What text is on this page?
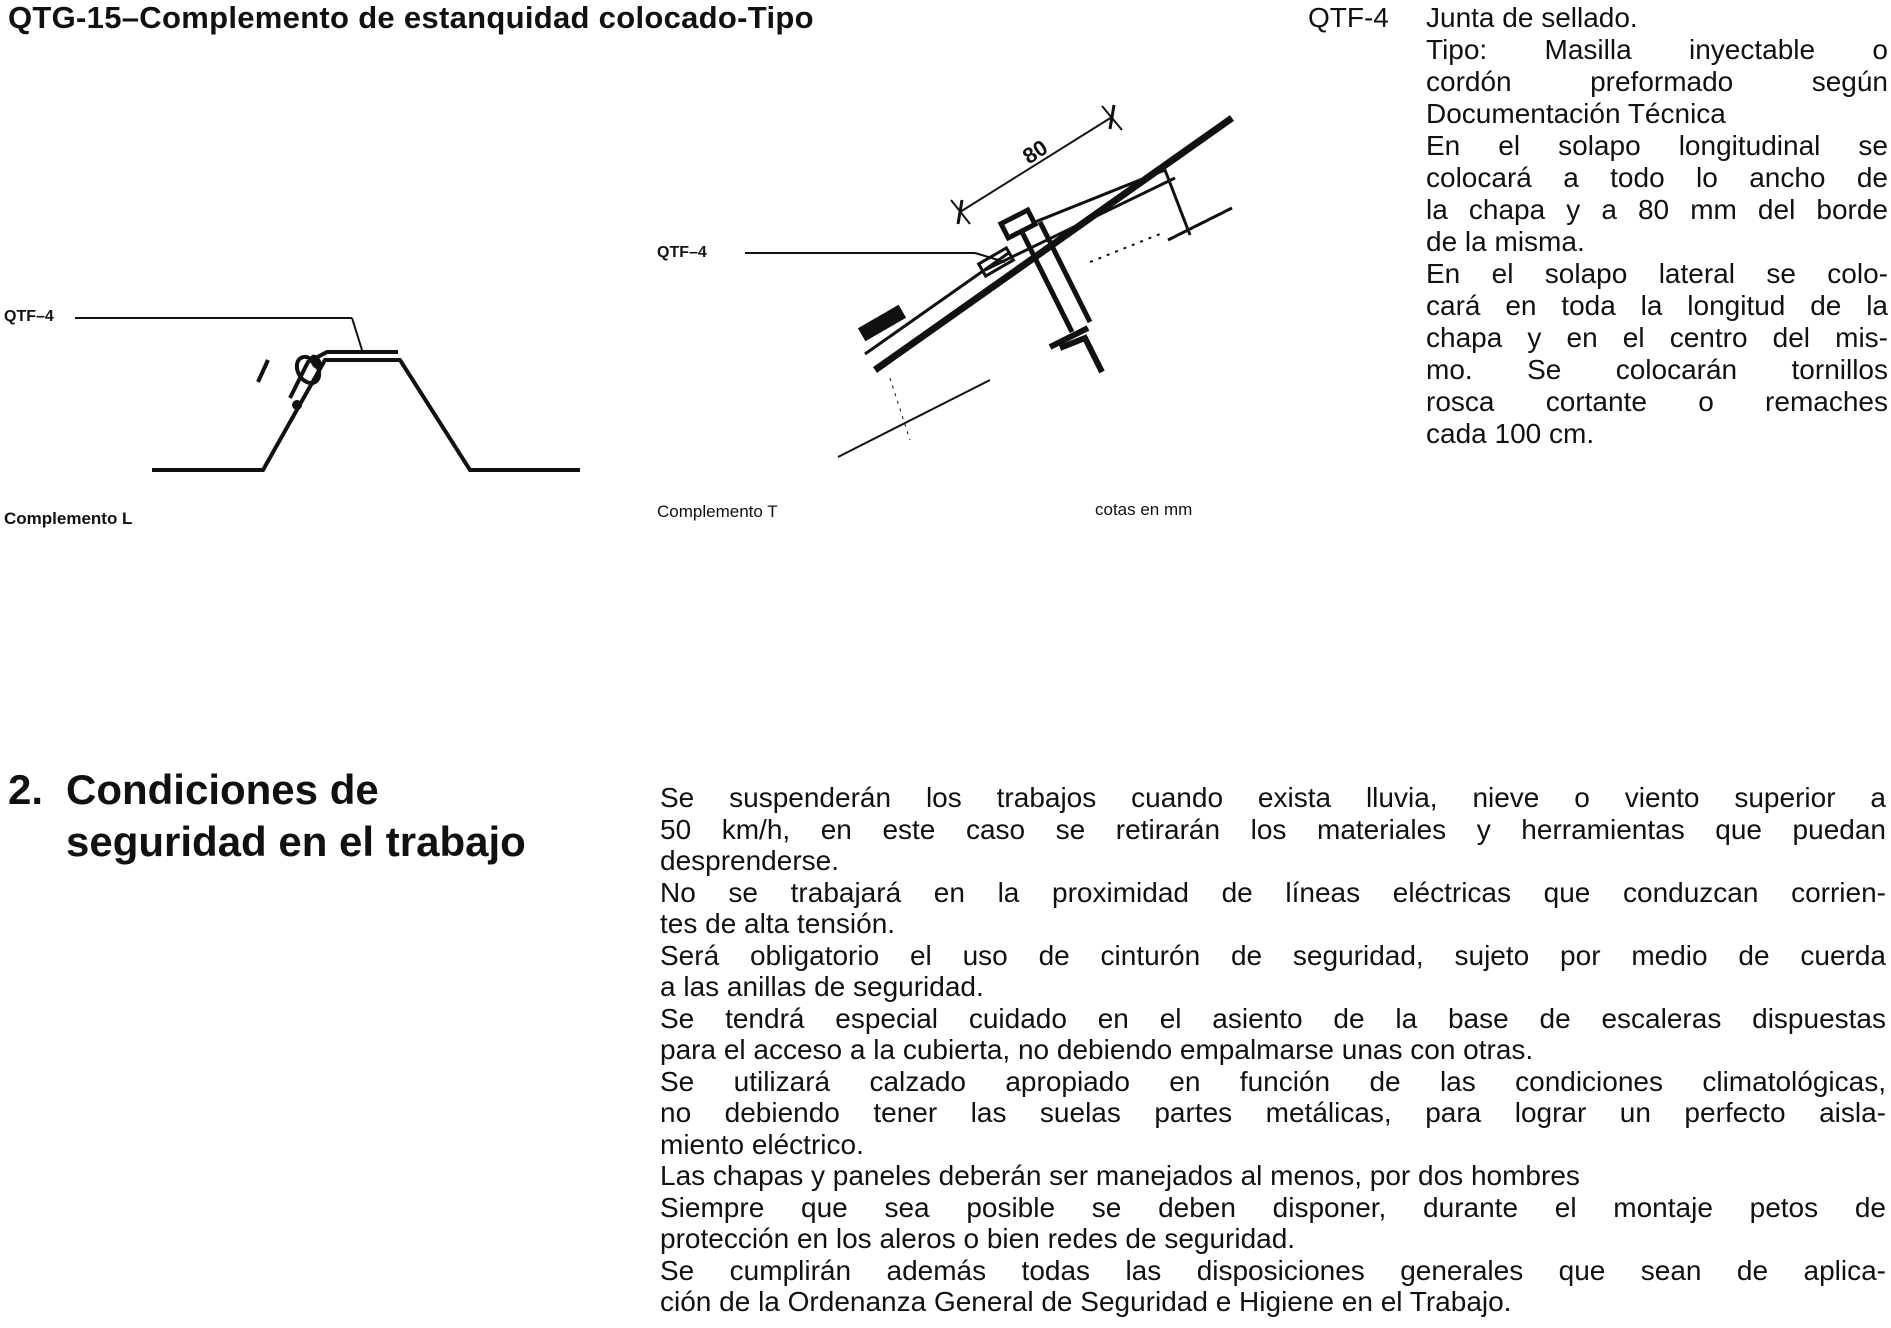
QTG-15–Complemento de estanquidad colocado-Tipo
QTF–4
Complemento L
80
QTF–4
Complemento T	cotas en mm
QTF-4	Junta de sellado.
Tipo: Masilla inyectable o
cordón preformado según
Documentación Técnica
En el solapo longitudinal se
colocará a todo lo ancho de
la chapa y a 80 mm del borde
de la misma.
En el solapo lateral se colo-
cará en toda la longitud de la
chapa y en el centro del mis-
mo. Se colocarán tornillos
rosca cortante o remaches
cada 100 cm.
2. Condiciones de
seguridad en el trabajo
Se suspenderán los trabajos cuando exista lluvia, nieve o viento superior a
50 km/h, en este caso se retirarán los materiales y herramientas que puedan
desprenderse.
No se trabajará en la proximidad de líneas eléctricas que conduzcan corrien-
tes de alta tensión.
Será obligatorio el uso de cinturón de seguridad, sujeto por medio de cuerda
a las anillas de seguridad.
Se tendrá especial cuidado en el asiento de la base de escaleras dispuestas
para el acceso a la cubierta, no debiendo empalmarse unas con otras.
Se utilizará calzado apropiado en función de las condiciones climatológicas,
no debiendo tener las suelas partes metálicas, para lograr un perfecto aisla-
miento eléctrico.
Las chapas y paneles deberán ser manejados al menos, por dos hombres
Siempre que sea posible se deben disponer, durante el montaje petos de
protección en los aleros o bien redes de seguridad.
Se cumplirán además todas las disposiciones generales que sean de aplica-
ción de la Ordenanza General de Seguridad e Higiene en el Trabajo.
